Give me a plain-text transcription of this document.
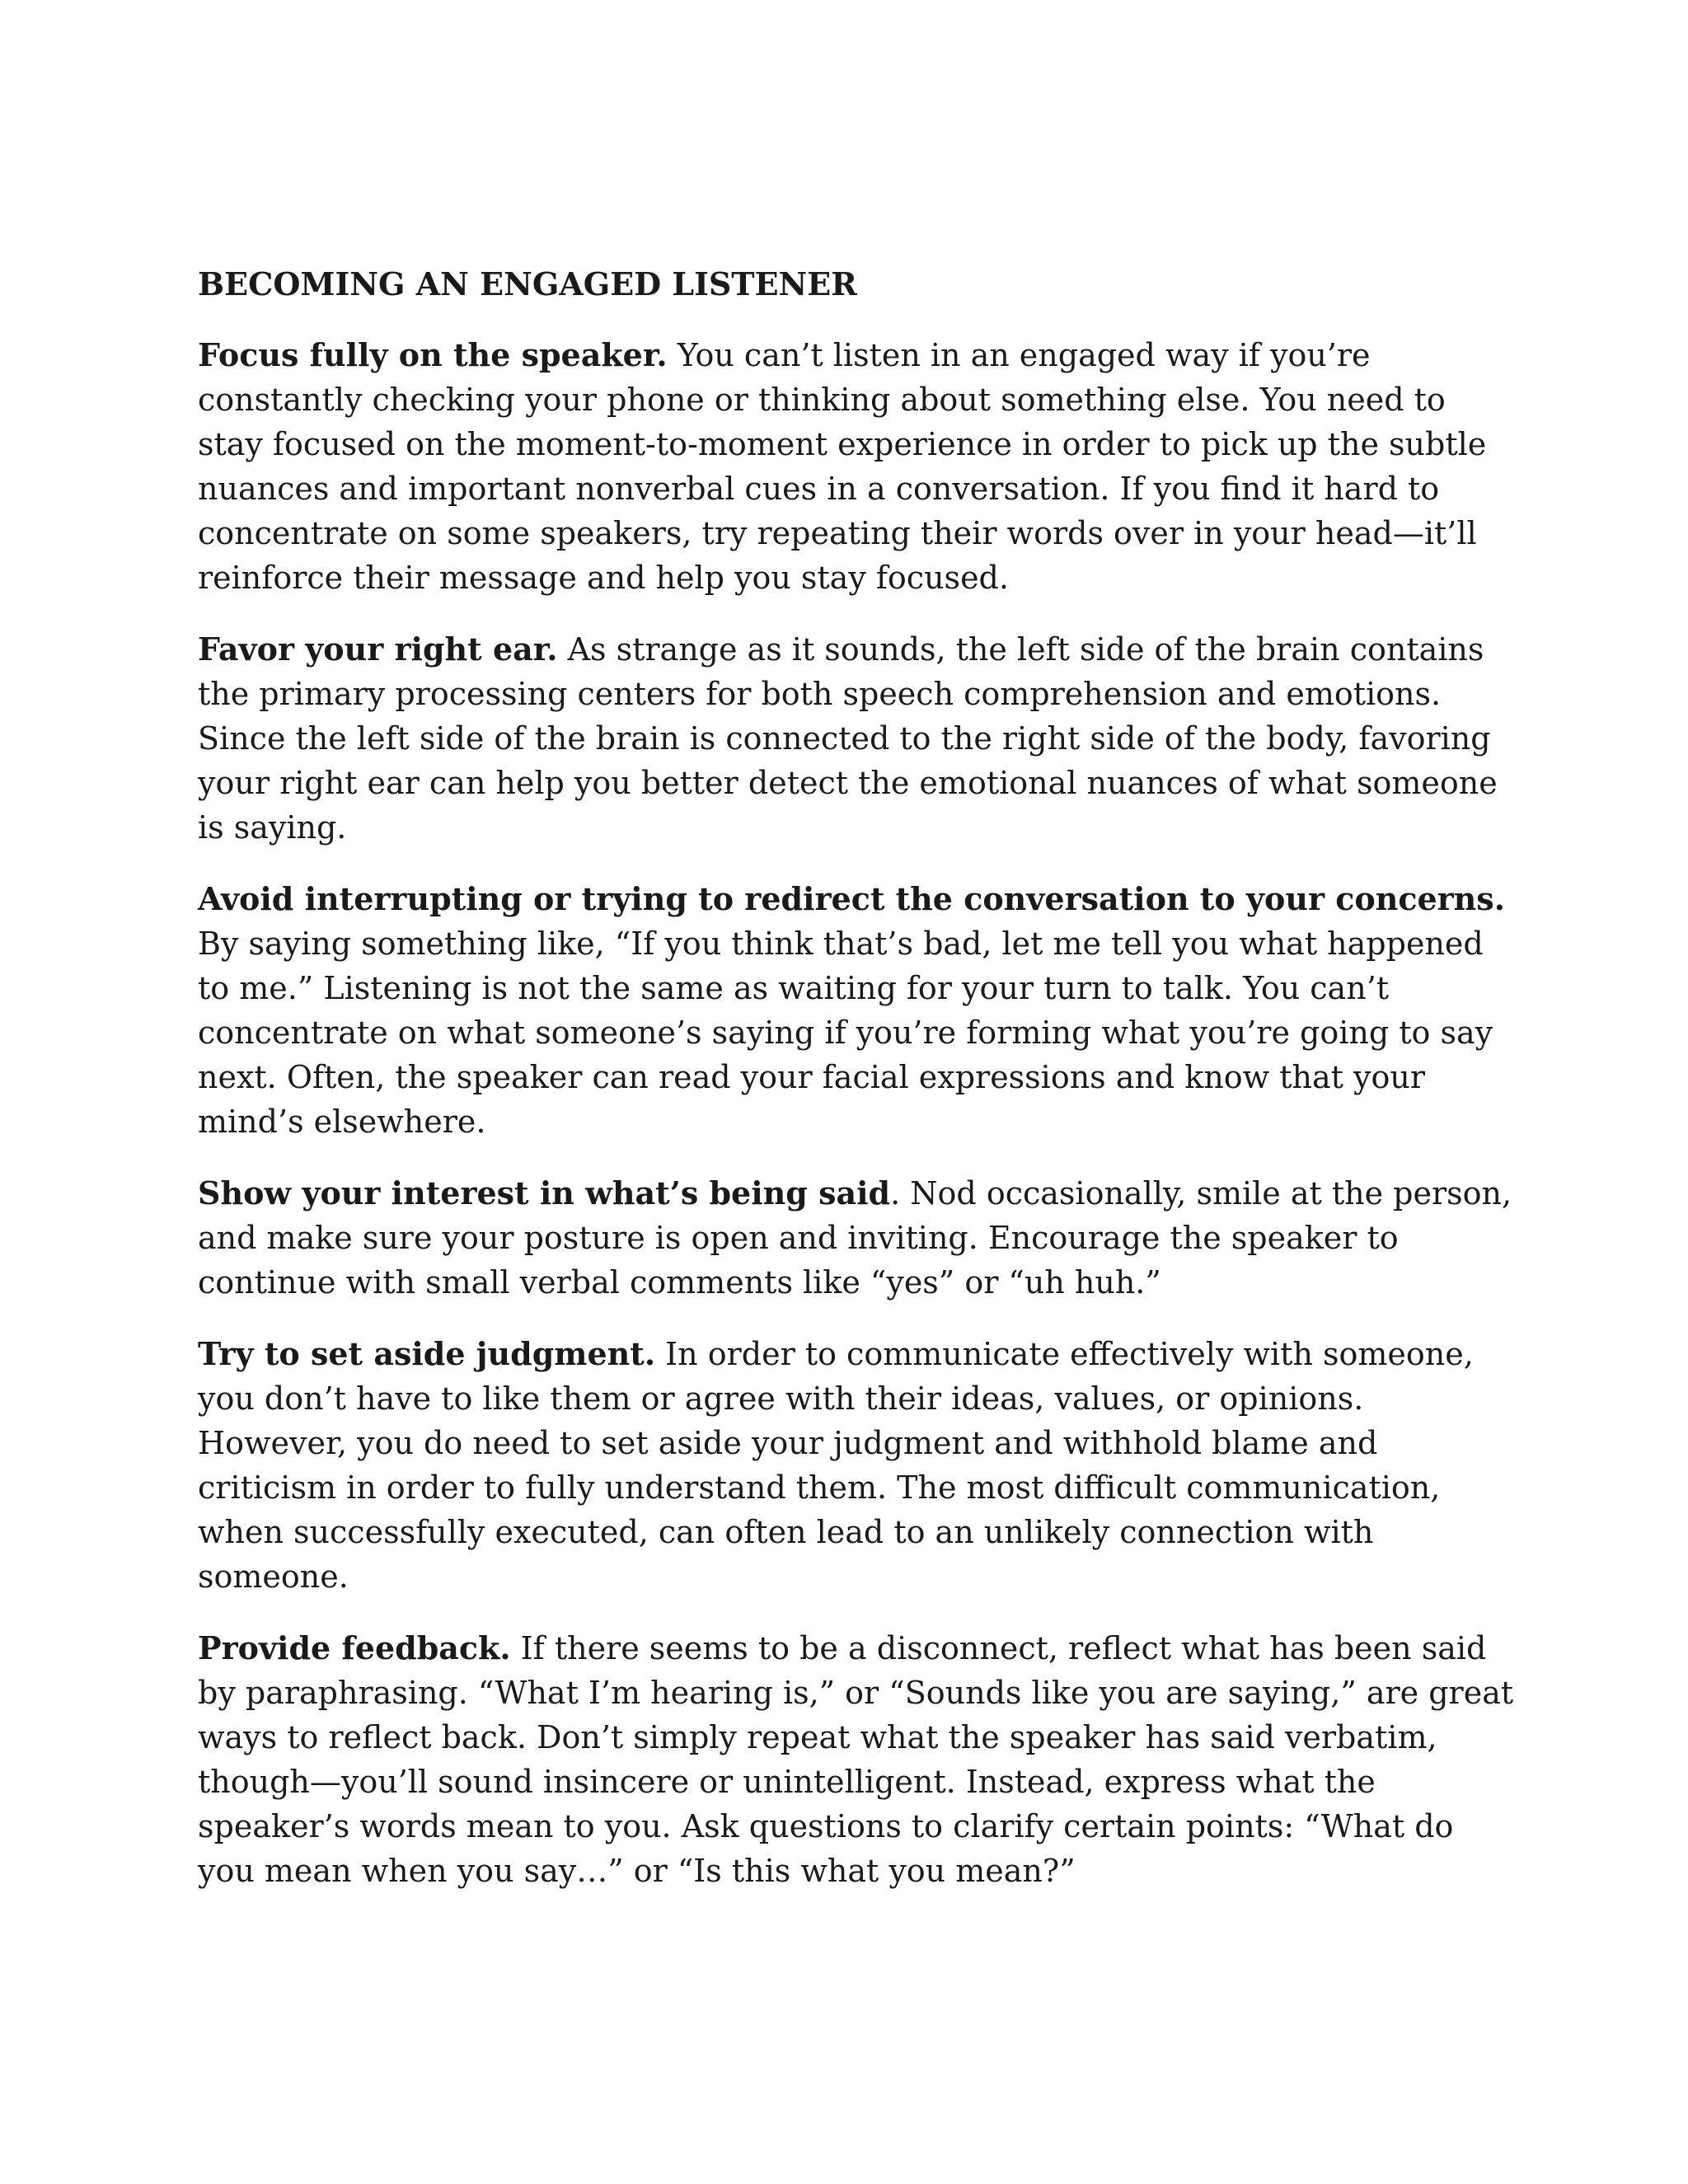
BECOMING AN ENGAGED LISTENER

Focus fully on the speaker. You can’t listen in an engaged way if you’re constantly checking your phone or thinking about something else. You need to stay focused on the moment-to-moment experience in order to pick up the subtle nuances and important nonverbal cues in a conversation. If you find it hard to concentrate on some speakers, try repeating their words over in your head—it’ll reinforce their message and help you stay focused.

Favor your right ear. As strange as it sounds, the left side of the brain contains the primary processing centers for both speech comprehension and emotions. Since the left side of the brain is connected to the right side of the body, favoring your right ear can help you better detect the emotional nuances of what someone is saying.

Avoid interrupting or trying to redirect the conversation to your concerns. By saying something like, “If you think that’s bad, let me tell you what happened to me.” Listening is not the same as waiting for your turn to talk. You can’t concentrate on what someone’s saying if you’re forming what you’re going to say next. Often, the speaker can read your facial expressions and know that your mind’s elsewhere.

Show your interest in what’s being said. Nod occasionally, smile at the person, and make sure your posture is open and inviting. Encourage the speaker to continue with small verbal comments like “yes” or “uh huh.”

Try to set aside judgment. In order to communicate effectively with someone, you don’t have to like them or agree with their ideas, values, or opinions. However, you do need to set aside your judgment and withhold blame and criticism in order to fully understand them. The most difficult communication, when successfully executed, can often lead to an unlikely connection with someone.

Provide feedback. If there seems to be a disconnect, reflect what has been said by paraphrasing. “What I’m hearing is,” or “Sounds like you are saying,” are great ways to reflect back. Don’t simply repeat what the speaker has said verbatim, though—you’ll sound insincere or unintelligent. Instead, express what the speaker’s words mean to you. Ask questions to clarify certain points: “What do you mean when you say…” or “Is this what you mean?”
